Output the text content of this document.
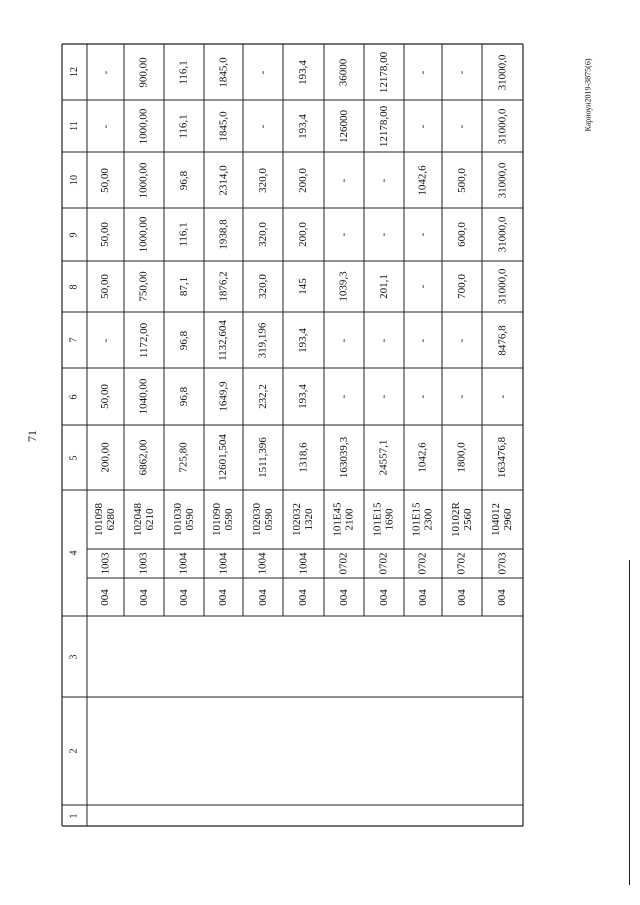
71
Кариоун2019-3875(6)
1
2
3
4
5
6
7
8
9
10
11
12
004
1003
101098
6280
200,00
50,00
-
50,00
50,00
50,00
-
-
004
1003
102048
6210
6862,00
1040,00
1172,00
750,00
1000,00
1000,00
1000,00
900,00
004
1004
101030
0590
725,80
96,8
96,8
87,1
116,1
96,8
116,1
116,1
004
1004
101090
0590
12601,504
1649,9
1132,604
1876,2
1938,8
2314,0
1845,0
1845,0
004
1004
102030
0590
1511,396
232,2
319,196
320,0
320,0
320,0
-
-
004
1004
102032
1320
1318,6
193,4
193,4
145
200,0
200,0
193,4
193,4
004
0702
101E45
2100
163039,3
-
-
1039,3
-
-
126000
36000
004
0702
101E15
1690
24557,1
-
-
201,1
-
-
12178,00
12178,00
004
0702
101E15
2300
1042,6
-
-
-
-
1042,6
-
-
004
0702
10102R
2560
1800,0
-
-
700,0
600,0
500,0
-
-
004
0703
104012
2960
163476,8
-
8476,8
31000,0
31000,0
31000,0
31000,0
31000,0
